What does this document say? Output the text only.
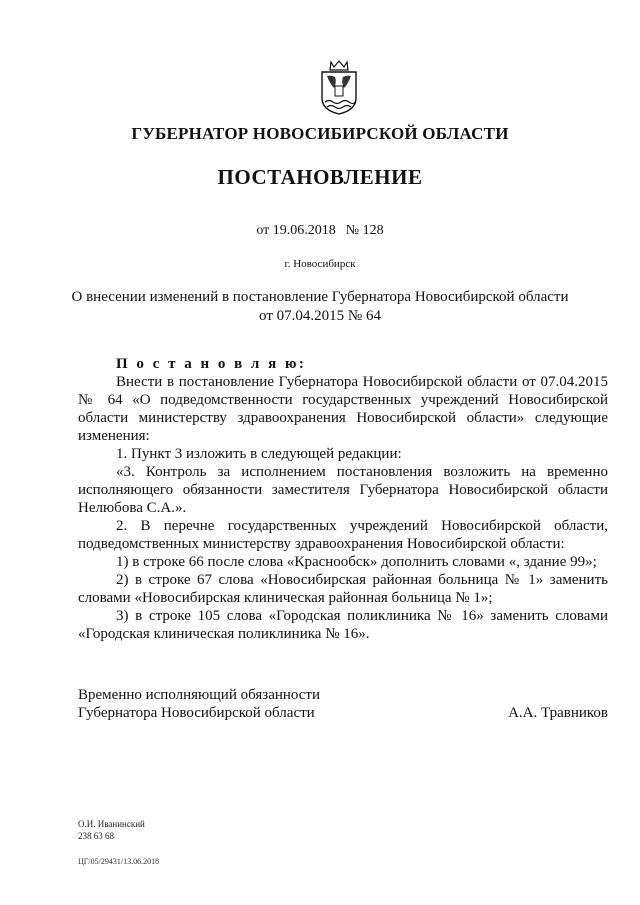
ГУБЕРНАТОР НОВОСИБИРСКОЙ ОБЛАСТИ
ПОСТАНОВЛЕНИЕ
от 19.06.2018 № 128
г. Новосибирск
О внесении изменений в постановление Губернатора Новосибирской области
от 07.04.2015 № 64

П о с т а н о в л я ю:

Внести в постановление Губернатора Новосибирской области от 07.04.2015 № 64 «О подведомственности государственных учреждений Новосибирской области министерству здравоохранения Новосибирской области» следующие изменения:

1. Пункт 3 изложить в следующей редакции:

«3. Контроль за исполнением постановления возложить на временно исполняющего обязанности заместителя Губернатора Новосибирской области Нелюбова С.А.».

2. В перечне государственных учреждений Новосибирской области, подведомственных министерству здравоохранения Новосибирской области:

1) в строке 66 после слова «Краснообск» дополнить словами «, здание 99»;

2) в строке 67 слова «Новосибирская районная больница № 1» заменить словами «Новосибирская клиническая районная больница № 1»;

3) в строке 105 слова «Городская поликлиника № 16» заменить словами «Городская клиническая поликлиника № 16».

Временно исполняющий обязанности
Губернатора Новосибирской области	А.А. Травников
О.И. Иванинский
238 63 68
ЦГ/05/29431/13.06.2018
